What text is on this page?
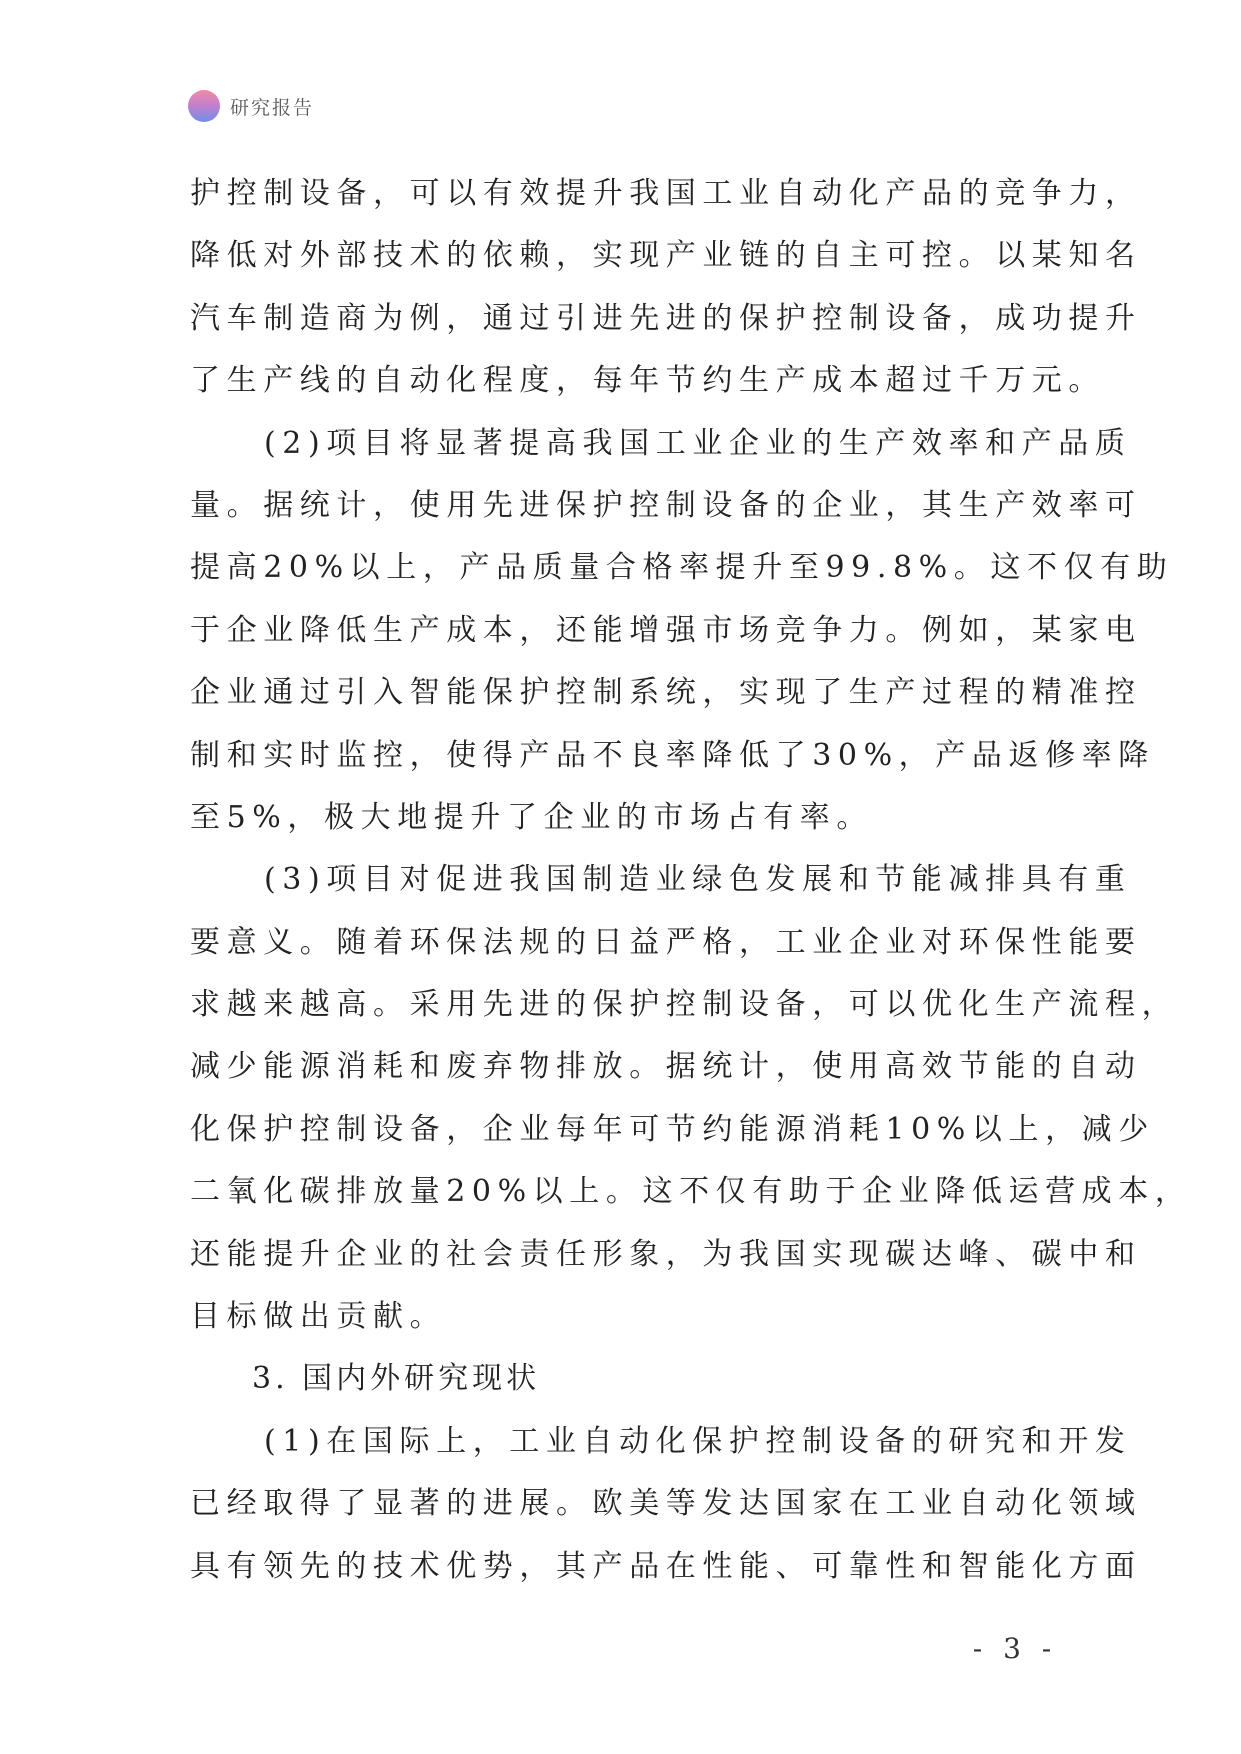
研究报告
护控制设备，可以有效提升我国工业自动化产品的竞争力，
降低对外部技术的依赖，实现产业链的自主可控。以某知名
汽车制造商为例，通过引进先进的保护控制设备，成功提升
了生产线的自动化程度，每年节约生产成本超过千万元。
(2)项目将显著提高我国工业企业的生产效率和产品质
量。据统计，使用先进保护控制设备的企业，其生产效率可
提高20%以上，产品质量合格率提升至99.8%。这不仅有助
于企业降低生产成本，还能增强市场竞争力。例如，某家电
企业通过引入智能保护控制系统，实现了生产过程的精准控
制和实时监控，使得产品不良率降低了30%，产品返修率降
至5%，极大地提升了企业的市场占有率。
(3)项目对促进我国制造业绿色发展和节能减排具有重
要意义。随着环保法规的日益严格，工业企业对环保性能要
求越来越高。采用先进的保护控制设备，可以优化生产流程，
减少能源消耗和废弃物排放。据统计，使用高效节能的自动
化保护控制设备，企业每年可节约能源消耗10%以上，减少
二氧化碳排放量20%以上。这不仅有助于企业降低运营成本，
还能提升企业的社会责任形象，为我国实现碳达峰、碳中和
目标做出贡献。
3. 国内外研究现状
(1)在国际上，工业自动化保护控制设备的研究和开发
已经取得了显著的进展。欧美等发达国家在工业自动化领域
具有领先的技术优势，其产品在性能、可靠性和智能化方面
- 3 -
